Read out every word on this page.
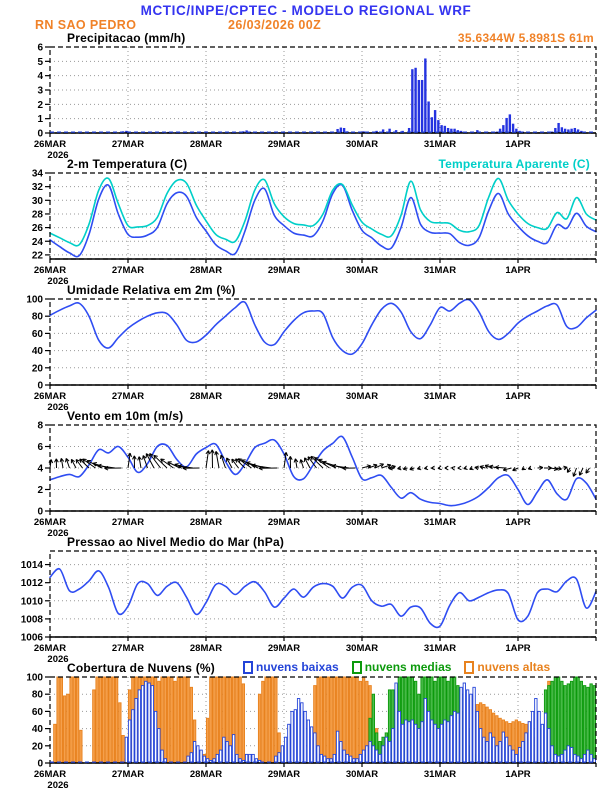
MCTIC/INPE/CPTEC - MODELO REGIONAL WRF
RN SAO PEDRO	26/03/2026 00Z
35.6344W 5.8981S 61m
Precipitacao (mm/h)
2-m Temperatura (C)	Temperatura Aparente (C)
Umidade Relativa em 2m (%)
Vento em 10m (m/s)
Pressao ao Nivel Medio do Mar (hPa)
Cobertura de Nuvens (%)	nuvens baixas nuvens medias nuvens altas
0
1
2
3
4
5
6
26MAR	27MAR	28MAR	29MAR	30MAR	31MAR	1APR
2026
22
24
26
28
30
32
34
26MAR	27MAR	28MAR	29MAR	30MAR	31MAR	1APR
2026
0
20
40
60
80
100
26MAR	27MAR	28MAR	29MAR	30MAR	31MAR	1APR
2026
0
2
4
6
8
26MAR	27MAR	28MAR	29MAR	30MAR	31MAR	1APR
2026
1006
1008
1010
1012
1014
26MAR	27MAR	28MAR	29MAR	30MAR	31MAR	1APR
2026
0
20
40
60
80
100
26MAR	27MAR	28MAR	29MAR	30MAR	31MAR	1APR
2026
